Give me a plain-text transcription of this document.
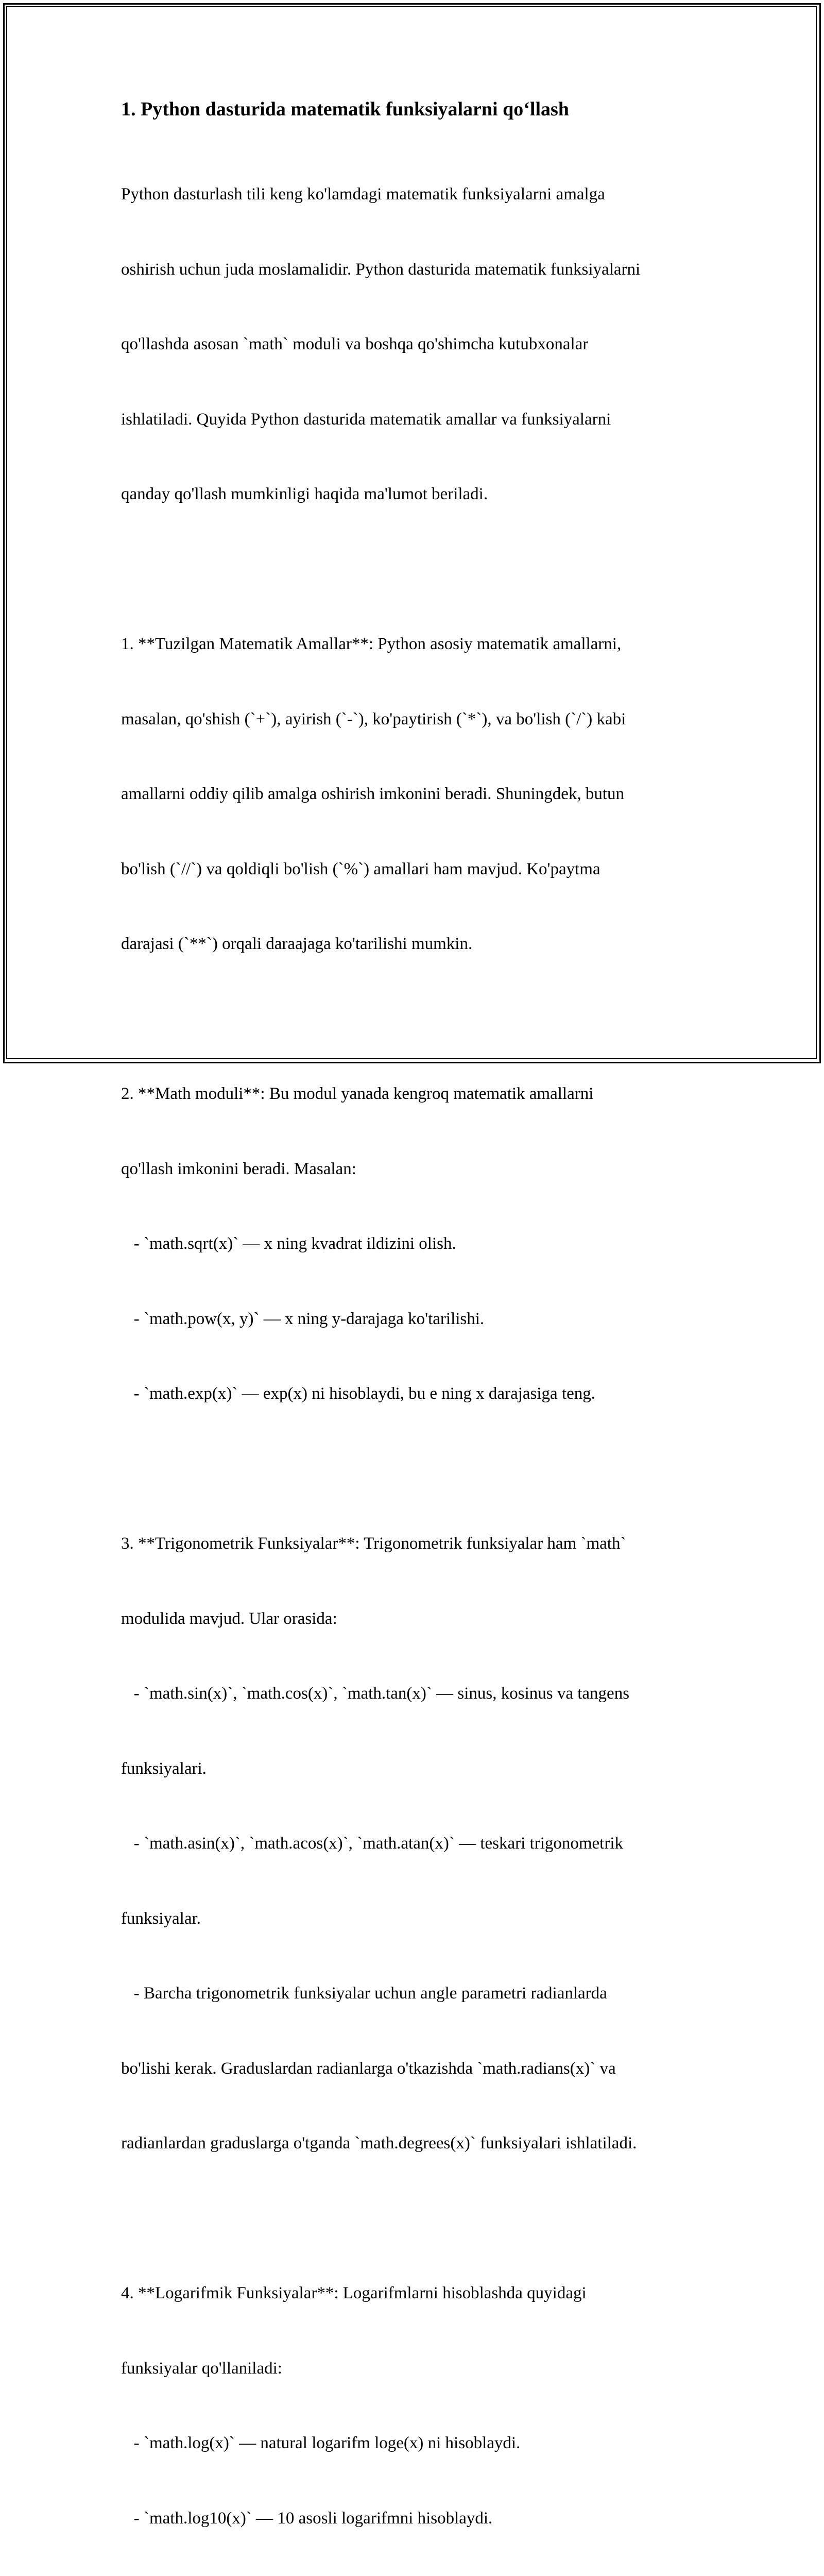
1. Python dasturida matematik funksiyalarni qo‘llash

Python dasturlash tili keng ko'lamdagi matematik funksiyalarni amalga

oshirish uchun juda moslamalidir. Python dasturida matematik funksiyalarni

qo'llashda asosan `math` moduli va boshqa qo'shimcha kutubxonalar

ishlatiladi. Quyida Python dasturida matematik amallar va funksiyalarni

qanday qo'llash mumkinligi haqida ma'lumot beriladi.

1. **Tuzilgan Matematik Amallar**: Python asosiy matematik amallarni,

masalan, qo'shish (`+`), ayirish (`-`), ko'paytirish (`*`), va bo'lish (`/`) kabi

amallarni oddiy qilib amalga oshirish imkonini beradi. Shuningdek, butun

bo'lish (`//`) va qoldiqli bo'lish (`%`) amallari ham mavjud. Ko'paytma

darajasi (`**`) orqali daraajaga ko'tarilishi mumkin.

2. **Math moduli**: Bu modul yanada kengroq matematik amallarni

qo'llash imkonini beradi. Masalan:

- `math.sqrt(x)` — x ning kvadrat ildizini olish.

- `math.pow(x, y)` — x ning y-darajaga ko'tarilishi.

- `math.exp(x)` — exp(x) ni hisoblaydi, bu e ning x darajasiga teng.

3. **Trigonometrik Funksiyalar**: Trigonometrik funksiyalar ham `math`

modulida mavjud. Ular orasida:

- `math.sin(x)`, `math.cos(x)`, `math.tan(x)` — sinus, kosinus va tangens

funksiyalari.

- `math.asin(x)`, `math.acos(x)`, `math.atan(x)` — teskari trigonometrik

funksiyalar.

- Barcha trigonometrik funksiyalar uchun angle parametri radianlarda

bo'lishi kerak. Graduslardan radianlarga o'tkazishda `math.radians(x)` va

radianlardan graduslarga o'tganda `math.degrees(x)` funksiyalari ishlatiladi.

4. **Logarifmik Funksiyalar**: Logarifmlarni hisoblashda quyidagi

funksiyalar qo'llaniladi:

- `math.log(x)` — natural logarifm loge(x) ni hisoblaydi.

- `math.log10(x)` — 10 asosli logarifmni hisoblaydi.
